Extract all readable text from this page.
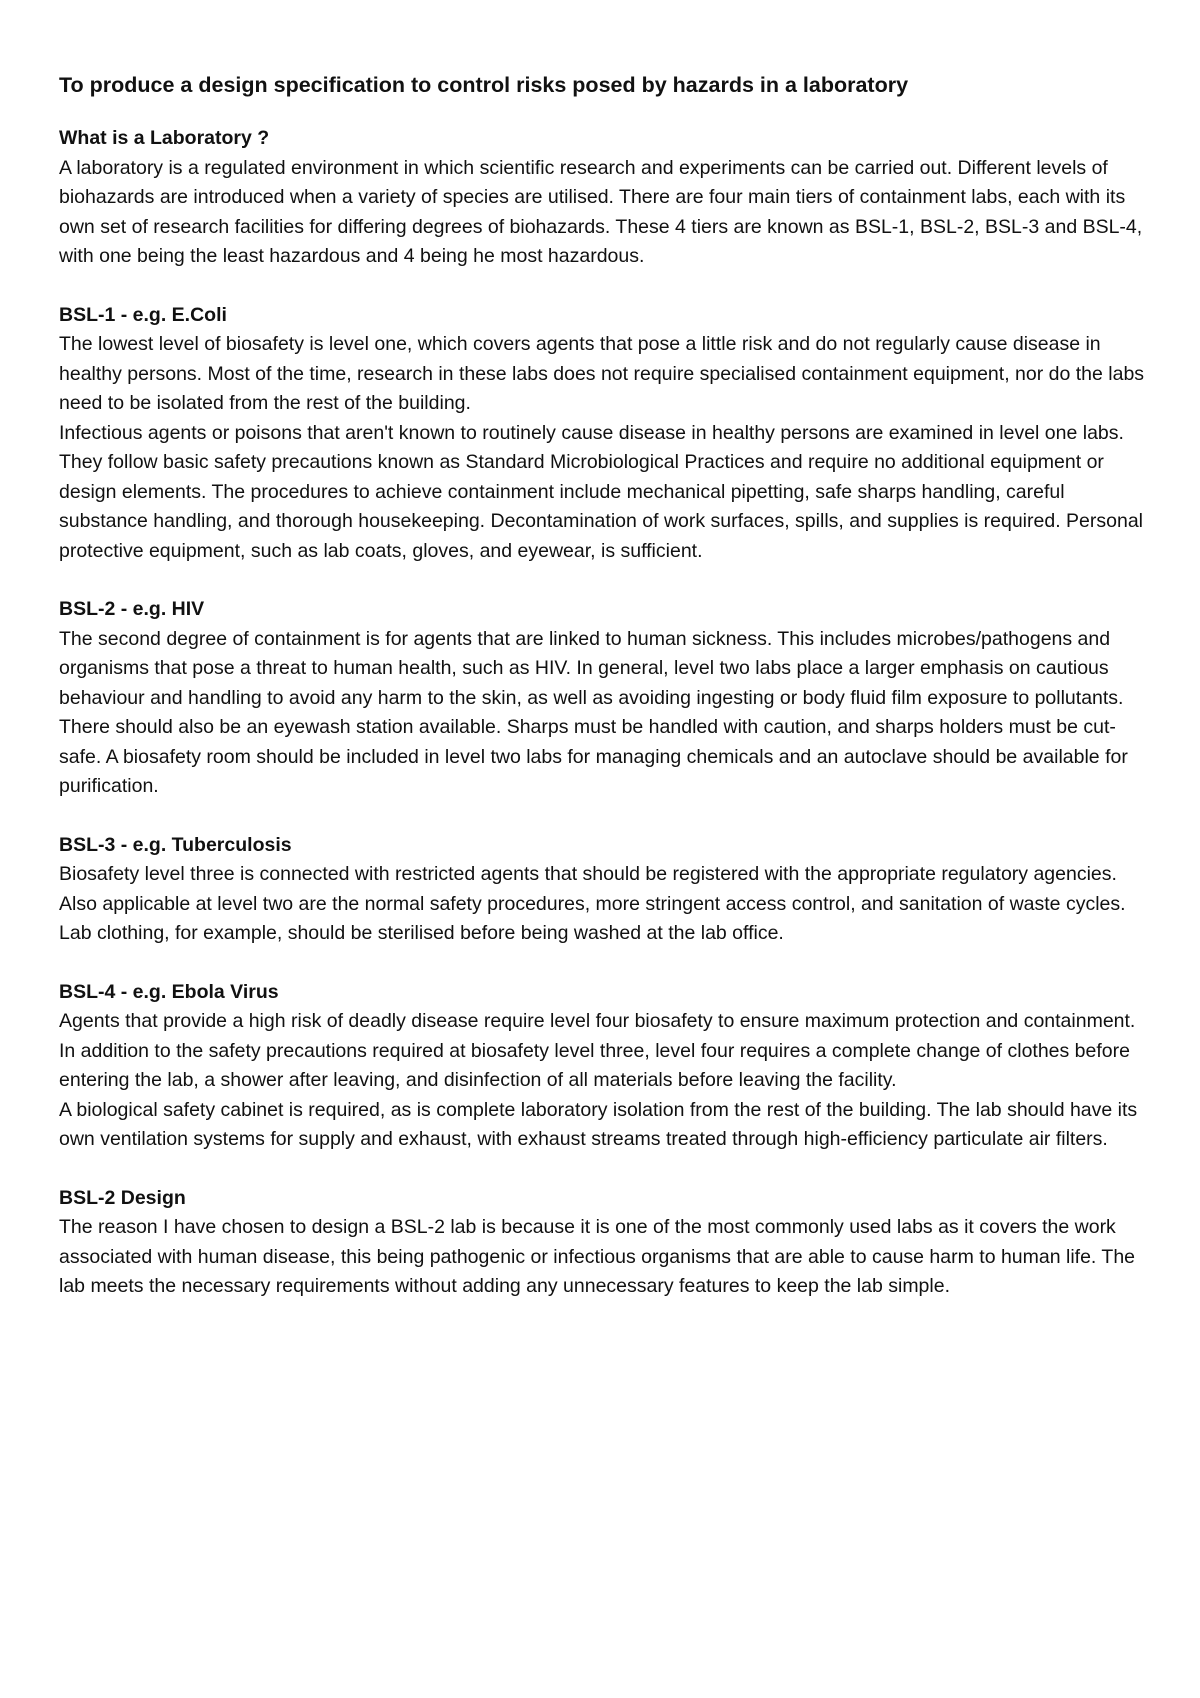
To produce a design specification to control risks posed by hazards in a laboratory

What is a Laboratory ?

A laboratory is a regulated environment in which scientific research and experiments can be carried out. Different levels of biohazards are introduced when a variety of species are utilised. There are four main tiers of containment labs, each with its own set of research facilities for differing degrees of biohazards. These 4 tiers are known as BSL-1, BSL-2, BSL-3 and BSL-4, with one being the least hazardous and 4 being he most hazardous.

BSL-1 - e.g. E.Coli

The lowest level of biosafety is level one, which covers agents that pose a little risk and do not regularly cause disease in healthy persons. Most of the time, research in these labs does not require specialised containment equipment, nor do the labs need to be isolated from the rest of the building.

Infectious agents or poisons that aren't known to routinely cause disease in healthy persons are examined in level one labs. They follow basic safety precautions known as Standard Microbiological Practices and require no additional equipment or design elements. The procedures to achieve containment include mechanical pipetting, safe sharps handling, careful substance handling, and thorough housekeeping. Decontamination of work surfaces, spills, and supplies is required. Personal protective equipment, such as lab coats, gloves, and eyewear, is sufficient.

BSL-2 - e.g. HIV

The second degree of containment is for agents that are linked to human sickness. This includes microbes/pathogens and organisms that pose a threat to human health, such as HIV. In general, level two labs place a larger emphasis on cautious behaviour and handling to avoid any harm to the skin, as well as avoiding ingesting or body fluid film exposure to pollutants.

There should also be an eyewash station available. Sharps must be handled with caution, and sharps holders must be cut-safe. A biosafety room should be included in level two labs for managing chemicals and an autoclave should be available for purification.

BSL-3 - e.g. Tuberculosis

Biosafety level three is connected with restricted agents that should be registered with the appropriate regulatory agencies. Also applicable at level two are the normal safety procedures, more stringent access control, and sanitation of waste cycles. Lab clothing, for example, should be sterilised before being washed at the lab office.

BSL-4 - e.g. Ebola Virus

Agents that provide a high risk of deadly disease require level four biosafety to ensure maximum protection and containment. In addition to the safety precautions required at biosafety level three, level four requires a complete change of clothes before entering the lab, a shower after leaving, and disinfection of all materials before leaving the facility.

A biological safety cabinet is required, as is complete laboratory isolation from the rest of the building. The lab should have its own ventilation systems for supply and exhaust, with exhaust streams treated through high-efficiency particulate air filters.

BSL-2 Design

The reason I have chosen to design a BSL-2 lab is because it is one of the most commonly used labs as it covers the work associated with human disease, this being pathogenic or infectious organisms that are able to cause harm to human life. The lab meets the necessary requirements without adding any unnecessary features to keep the lab simple.
